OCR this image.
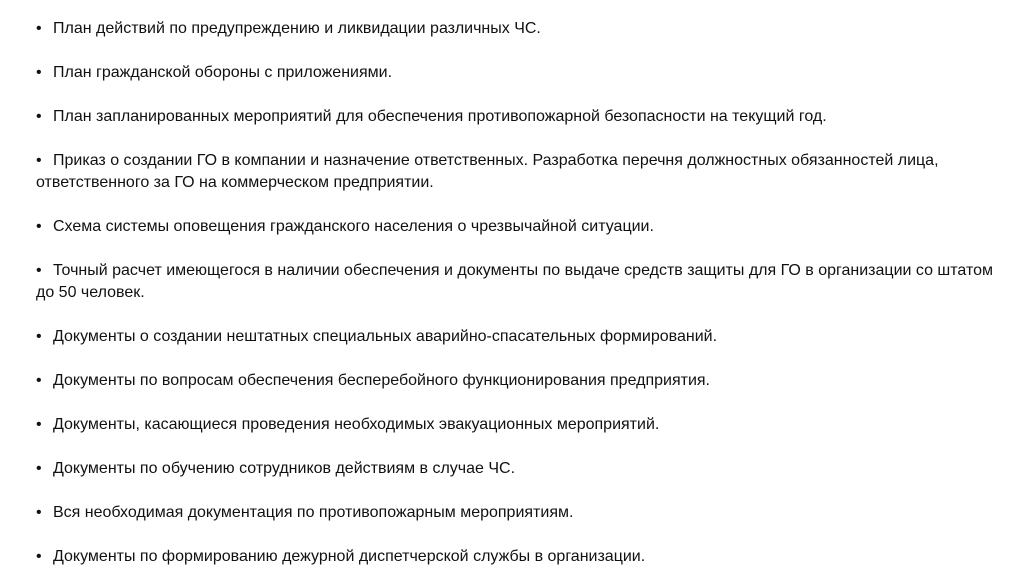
• План действий по предупреждению и ликвидации различных ЧС.

• План гражданской обороны с приложениями.

• План запланированных мероприятий для обеспечения противопожарной безопасности на текущий год.

• Приказ о создании ГО в компании и назначение ответственных. Разработка перечня должностных обязанностей лица, ответственного за ГО на коммерческом предприятии.

• Схема системы оповещения гражданского населения о чрезвычайной ситуации.

• Точный расчет имеющегося в наличии обеспечения и документы по выдаче средств защиты для ГО в организации со штатом до 50 человек.

• Документы о создании нештатных специальных аварийно-спасательных формирований.

• Документы по вопросам обеспечения бесперебойного функционирования предприятия.

• Документы, касающиеся проведения необходимых эвакуационных мероприятий.

• Документы по обучению сотрудников действиям в случае ЧС.

• Вся необходимая документация по противопожарным мероприятиям.

• Документы по формированию дежурной диспетчерской службы в организации.
